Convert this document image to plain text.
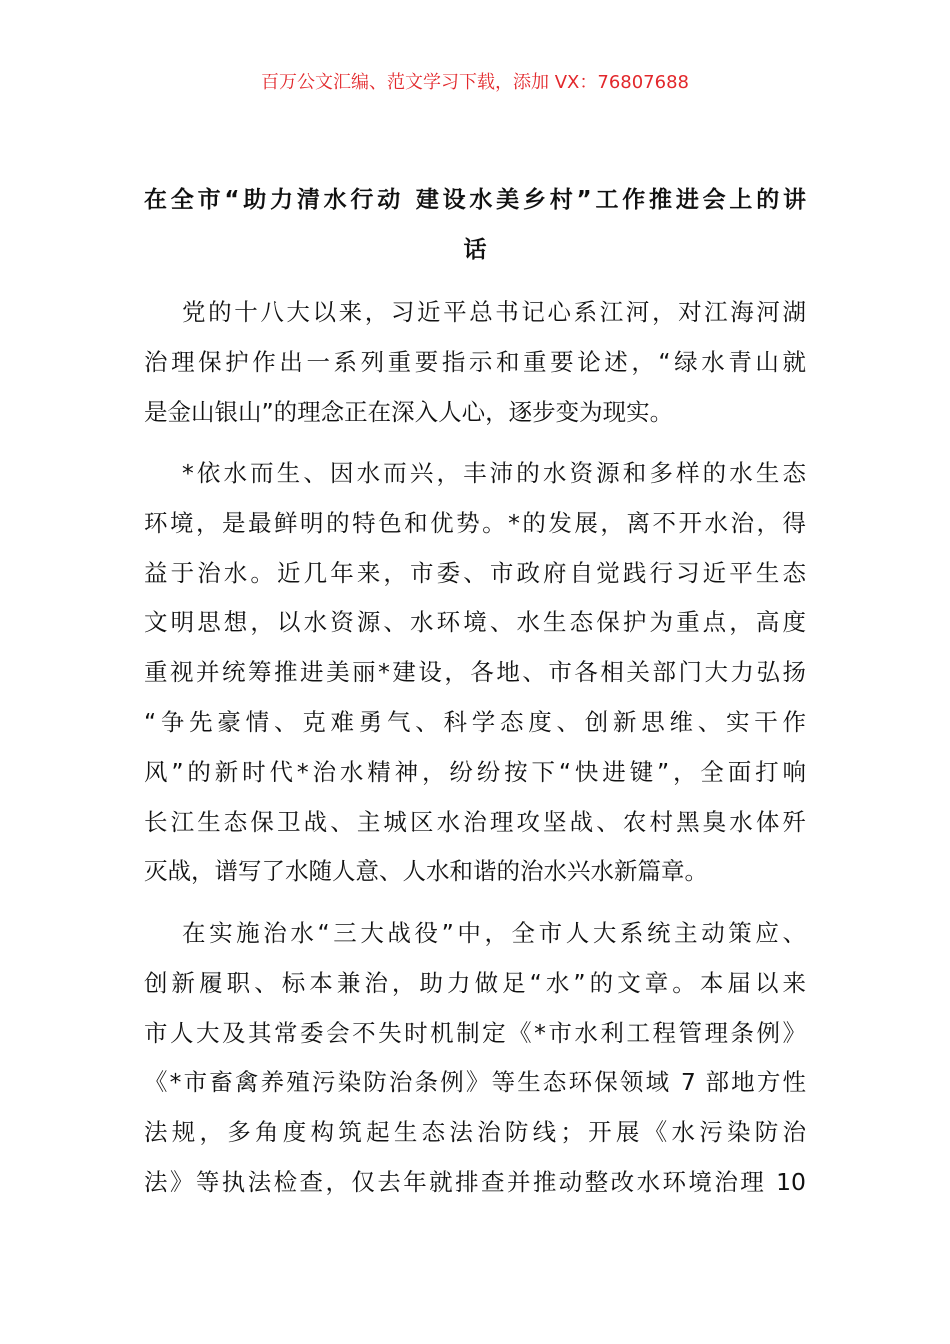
百万公文汇编、范文学习下载，添加 VX：76807688
在全市“助力清水行动 建设水美乡村”工作推进会上的讲
话
党的十八大以来，习近平总书记心系江河，对江海河湖
治理保护作出一系列重要指示和重要论述，“绿水青山就
是金山银山”的理念正在深入人心，逐步变为现实。
*依水而生、因水而兴，丰沛的水资源和多样的水生态
环境，是最鲜明的特色和优势。*的发展，离不开水治，得
益于治水。近几年来，市委、市政府自觉践行习近平生态
文明思想，以水资源、水环境、水生态保护为重点，高度
重视并统筹推进美丽*建设，各地、市各相关部门大力弘扬
“争先豪情、克难勇气、科学态度、创新思维、实干作
风”的新时代*治水精神，纷纷按下“快进键”，全面打响
长江生态保卫战、主城区水治理攻坚战、农村黑臭水体歼
灭战，谱写了水随人意、人水和谐的治水兴水新篇章。
在实施治水“三大战役”中，全市人大系统主动策应、
创新履职、标本兼治，助力做足“水”的文章。本届以来
市人大及其常委会不失时机制定《*市水利工程管理条例》
《*市畜禽养殖污染防治条例》等生态环保领域 7 部地方性
法规，多角度构筑起生态法治防线；开展《水污染防治
法》等执法检查，仅去年就排查并推动整改水环境治理 10
